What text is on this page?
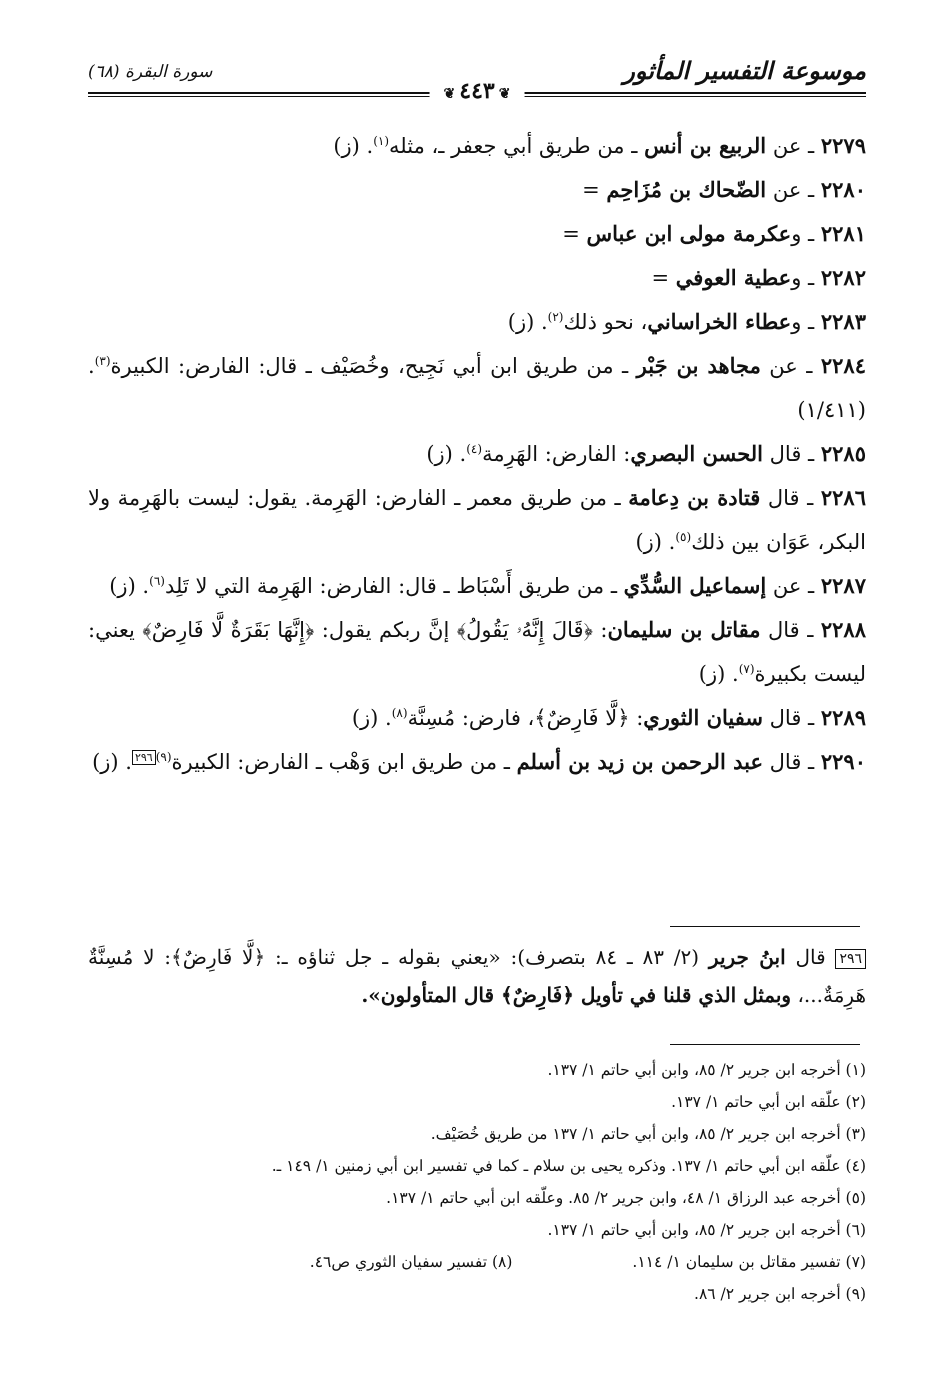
موسوعة التفسير المأثور
سورة البقرة (٦٨)
❦٤٤٣❦

٢٢٧٩ ـ عن الربيع بن أنس ـ من طريق أبي جعفر ـ، مثله$^{(١)}$. (ز)

٢٢٨٠ ـ عن الضّحاك بن مُزَاحِم =

٢٢٨١ ـ وعكرمة مولى ابن عباس =

٢٢٨٢ ـ وعطية العوفي =

٢٢٨٣ ـ وعطاء الخراساني، نحو ذلك$^{(٢)}$. (ز)

٢٢٨٤ ـ عن مجاهد بن جَبْر ـ من طريق ابن أبي نَجِيح، وخُصَيْف ـ قال: الفارض: الكبيرة$^{(٣)}$. (١/٤١١)

٢٢٨٥ ـ قال الحسن البصري: الفارض: الهَرِمة$^{(٤)}$. (ز)

٢٢٨٦ ـ قال قتادة بن دِعامة ـ من طريق معمر ـ الفارض: الهَرِمة. يقول: ليست بالهَرِمة ولا البكر، عَوَان بين ذلك$^{(٥)}$. (ز)

٢٢٨٧ ـ عن إسماعيل السُّدِّي ـ من طريق أَسْبَاط ـ قال: الفارض: الهَرِمة التي لا تَلِد$^{(٦)}$. (ز)

٢٢٨٨ ـ قال مقاتل بن سليمان: ﴿قَالَ إِنَّهُۥ يَقُولُ﴾ إنَّ ربكم يقول: ﴿إِنَّهَا بَقَرَةٌ لَّا فَارِضٌ﴾ يعني: ليست بكبيرة$^{(٧)}$. (ز)

٢٢٨٩ ـ قال سفيان الثوري: ﴿لَّا فَارِضٌ﴾، فارض: مُسِنَّة$^{(٨)}$. (ز)

٢٢٩٠ ـ قال عبد الرحمن بن زيد بن أسلم ـ من طريق ابن وَهْب ـ الفارض: الكبيرة$^{(٩)}$٢٩٦. (ز)

٢٩٦ قال ابنُ جرير (٢/ ٨٣ ـ ٨٤ بتصرف): «يعني بقوله ـ جل ثناؤه ـ: ﴿لَّا فَارِضٌ﴾: لا مُسِنَّةٌ هَرِمَةٌ...، وبمثل الذي قلنا في تأويل ﴿فَارِضٌ﴾ قال المتأولون».

(١) أخرجه ابن جرير ٢/ ٨٥، وابن أبي حاتم ١/ ١٣٧.

(٢) علّقه ابن أبي حاتم ١/ ١٣٧.

(٣) أخرجه ابن جرير ٢/ ٨٥، وابن أبي حاتم ١/ ١٣٧ من طريق خُصَيْف.

(٤) علّقه ابن أبي حاتم ١/ ١٣٧. وذكره يحيى بن سلام ـ كما في تفسير ابن أبي زمنين ١/ ١٤٩ ـ.

(٥) أخرجه عبد الرزاق ١/ ٤٨، وابن جرير ٢/ ٨٥. وعلّقه ابن أبي حاتم ١/ ١٣٧.

(٦) أخرجه ابن جرير ٢/ ٨٥، وابن أبي حاتم ١/ ١٣٧.

(٧) تفسير مقاتل بن سليمان ١/ ١١٤.

(٨) تفسير سفيان الثوري ص٤٦.

(٩) أخرجه ابن جرير ٢/ ٨٦.
